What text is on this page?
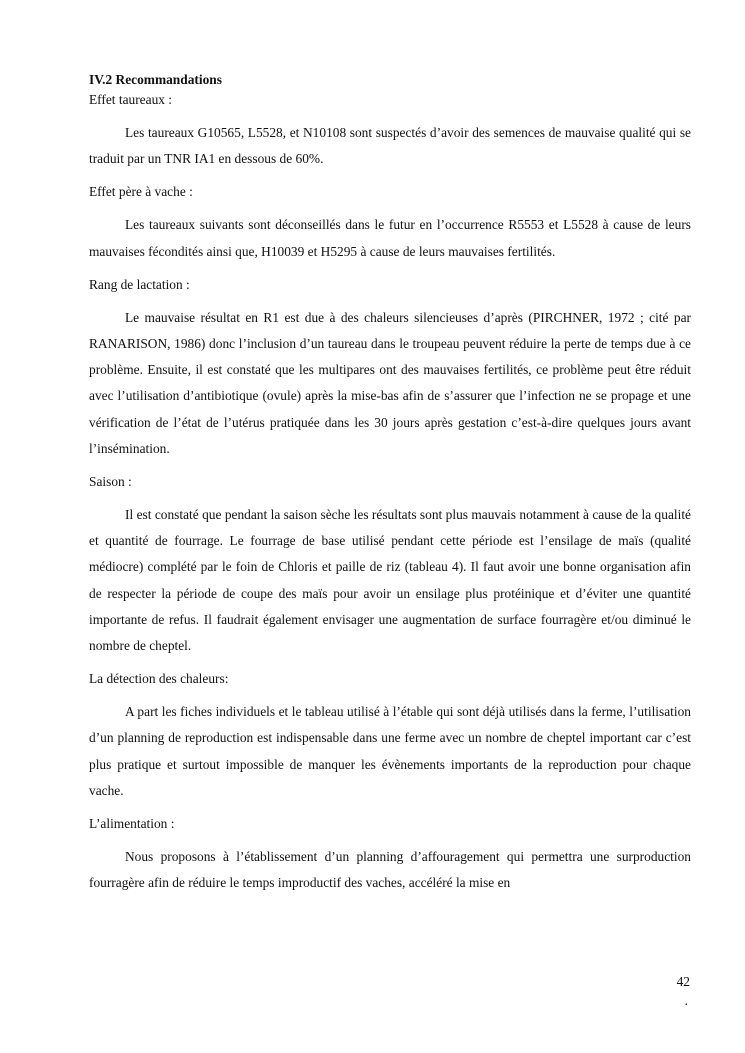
IV.2 Recommandations

Effet taureaux :

Les taureaux G10565, L5528, et N10108 sont suspectés d’avoir des semences de mauvaise qualité qui se traduit par un TNR IA1 en dessous de 60%.

Effet père à vache :

Les taureaux suivants sont déconseillés dans le futur en l’occurrence R5553 et L5528 à cause de leurs mauvaises fécondités ainsi que, H10039 et H5295 à cause de leurs mauvaises fertilités.

Rang de lactation :

Le mauvaise résultat en R1 est due à des chaleurs silencieuses d’après (PIRCHNER, 1972 ; cité par RANARISON, 1986) donc l’inclusion d’un taureau dans le troupeau peuvent réduire la perte de temps due à ce problème. Ensuite, il est constaté que les multipares ont des mauvaises fertilités, ce problème peut être réduit avec l’utilisation d’antibiotique (ovule) après la mise-bas afin de s’assurer que l’infection ne se propage et une vérification de l’état de l’utérus pratiquée dans les 30 jours après gestation c’est-à-dire quelques jours avant l’insémination.

Saison :

Il est constaté que pendant la saison sèche les résultats sont plus mauvais notamment à cause de la qualité et quantité de fourrage. Le fourrage de base utilisé pendant cette période est l’ensilage de maïs (qualité médiocre) complété par le foin de Chloris et paille de riz (tableau 4). Il faut avoir une bonne organisation afin de respecter la période de coupe des maïs pour avoir un ensilage plus protéinique et d’éviter une quantité importante de refus. Il faudrait également envisager une augmentation de surface fourragère et/ou diminué le nombre de cheptel.

La détection des chaleurs:

A part les fiches individuels et le tableau utilisé à l’étable qui sont déjà utilisés dans la ferme, l’utilisation d’un planning de reproduction est indispensable dans une ferme avec un nombre de cheptel important car c’est plus pratique et surtout impossible de manquer les évènements importants de la reproduction pour chaque vache.

L’alimentation :

Nous proposons à l’établissement d’un planning d’affouragement qui permettra une surproduction fourragère afin de réduire le temps improductif des vaches, accéléré la mise en

42
.
